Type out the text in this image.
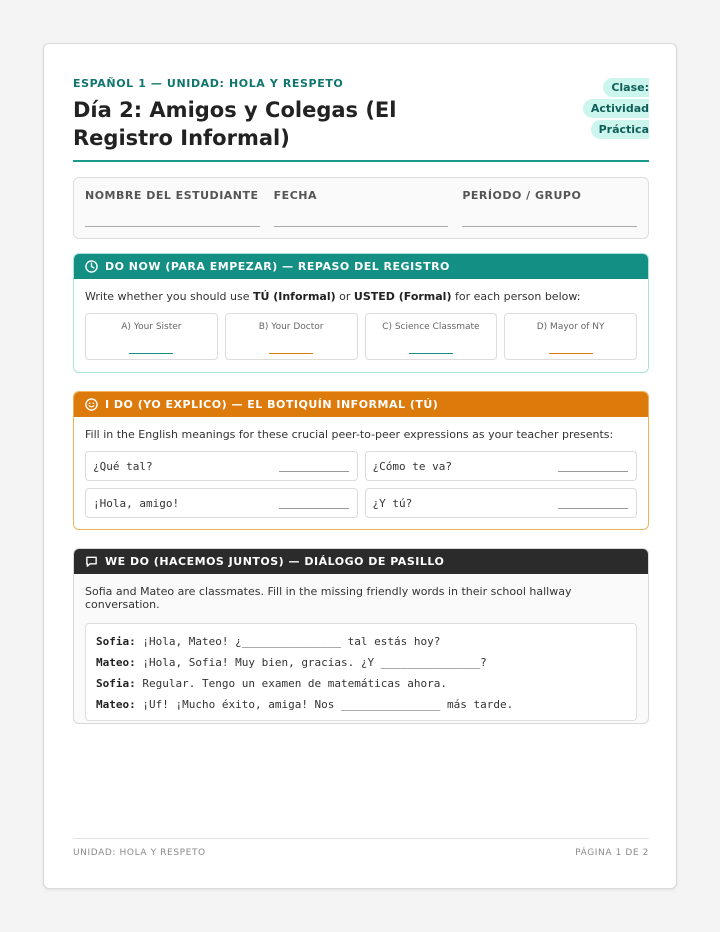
ESPAÑOL 1 — UNIDAD: HOLA Y RESPETO
Día 2: Amigos y Colegas (El Registro Informal)
Clase: Actividad Práctica
NOMBRE DEL ESTUDIANTE FECHA	PERÍODO / GRUPO
DO NOW (PARA EMPEZAR) — REPASO DEL REGISTRO
Write whether you should use TÚ (Informal) or USTED (Formal) for each person below:
A) Your Sister	B) Your Doctor	C) Science Classmate	D) Mayor of NY
I DO (YO EXPLICO) — EL BOTIQUÍN INFORMAL (TÚ)
Fill in the English meanings for these crucial peer-to-peer expressions as your teacher presents:
¿Qué tal?	¿Cómo te va?
¡Hola, amigo!	¿Y tú?
WE DO (HACEMOS JUNTOS) — DIÁLOGO DE PASILLO
Sofia and Mateo are classmates. Fill in the missing friendly words in their school hallway conversation.
Sofia: ¡Hola, Mateo! ¿_______________ tal estás hoy?
Mateo: ¡Hola, Sofia! Muy bien, gracias. ¿Y _______________?
Sofia: Regular. Tengo un examen de matemáticas ahora.
Mateo: ¡Uf! ¡Mucho éxito, amiga! Nos _______________ más tarde.
UNIDAD: HOLA Y RESPETO	PÁGINA 1 DE 2
